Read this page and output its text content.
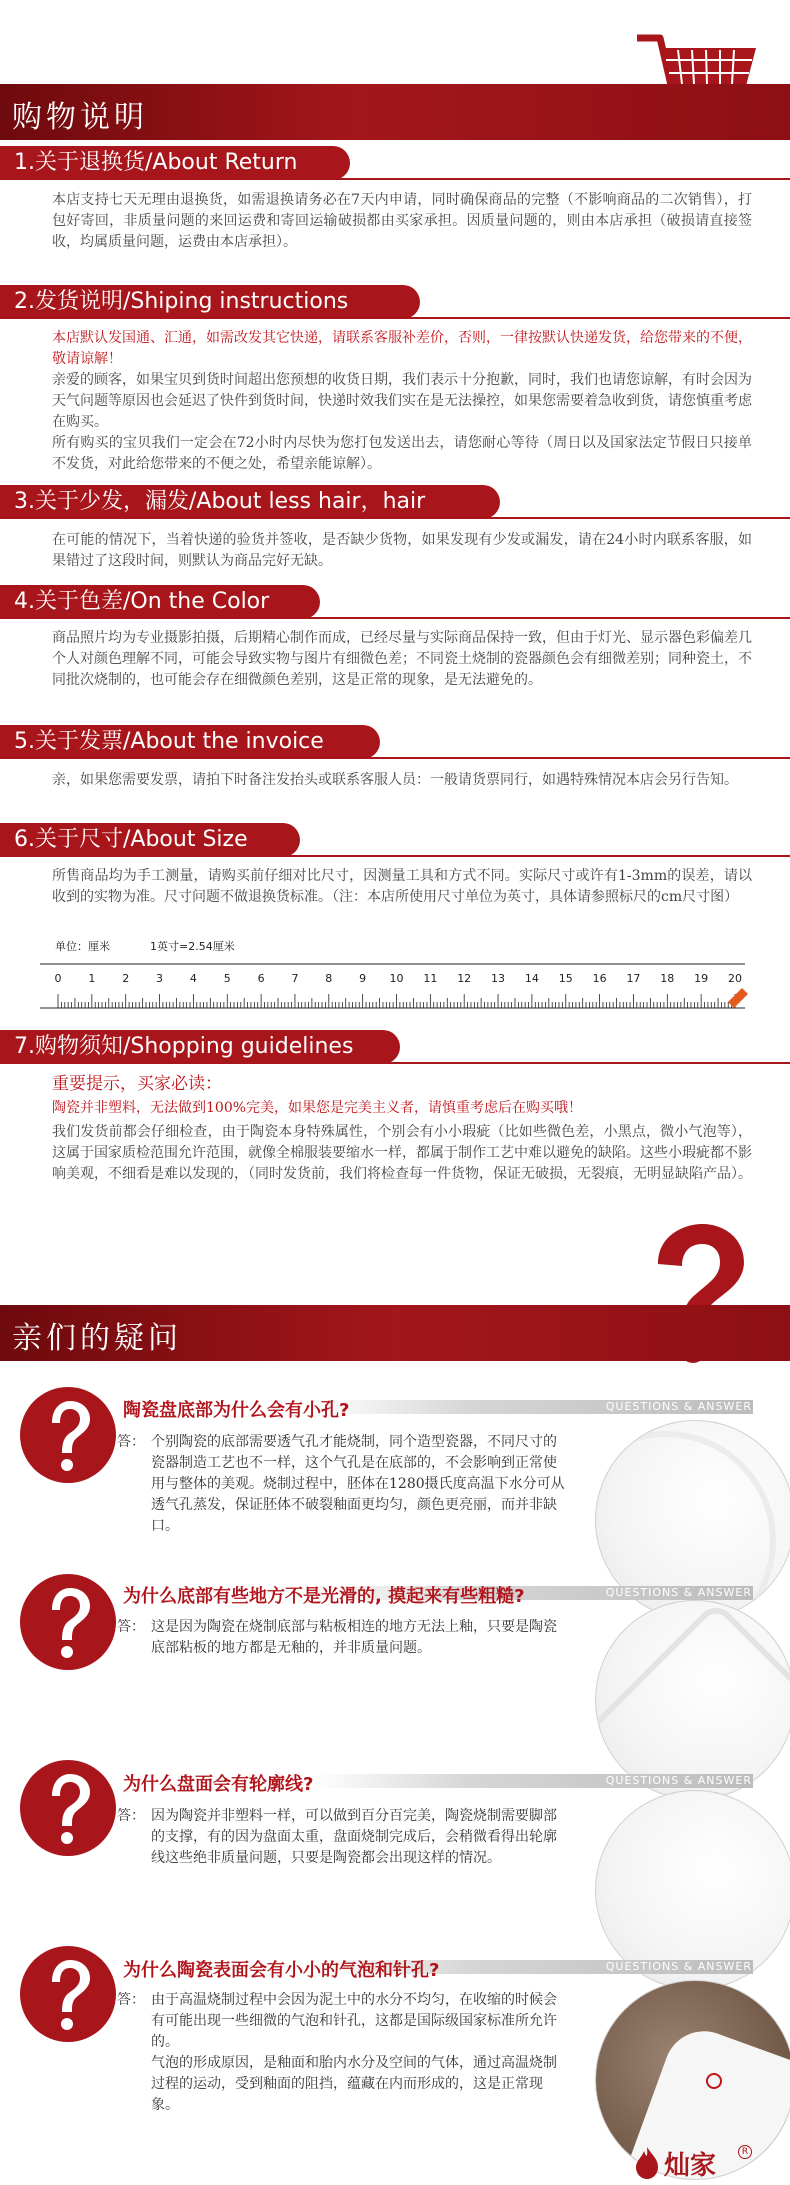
购物说明
1.关于退换货/About Return
本店支持七天无理由退换货，如需退换请务必在7天内申请，同时确保商品的完整（不影响商品的二次销售），打包好寄回，非质量问题的来回运费和寄回运输破损都由买家承担。因质量问题的，则由本店承担（破损请直接签收，均属质量问题，运费由本店承担）。
2.发货说明/Shiping instructions
本店默认发国通、汇通，如需改发其它快递，请联系客服补差价，否则，一律按默认快递发货，给您带来的不便，敬请谅解！
亲爱的顾客，如果宝贝到货时间超出您预想的收货日期，我们表示十分抱歉，同时，我们也请您谅解，有时会因为天气问题等原因也会延迟了快件到货时间，快递时效我们实在是无法操控，如果您需要着急收到货，请您慎重考虑在购买。
所有购买的宝贝我们一定会在72小时内尽快为您打包发送出去，请您耐心等待（周日以及国家法定节假日只接单不发货，对此给您带来的不便之处，希望亲能谅解）。
3.关于少发，漏发/About less hair，hair
在可能的情况下，当着快递的验货并签收，是否缺少货物，如果发现有少发或漏发，请在24小时内联系客服，如果错过了这段时间，则默认为商品完好无缺。
4.关于色差/On the Color
商品照片均为专业摄影拍摄，后期精心制作而成，已经尽量与实际商品保持一致，但由于灯光、显示器色彩偏差几个人对颜色理解不同，可能会导致实物与图片有细微色差；不同瓷土烧制的瓷器颜色会有细微差别；同种瓷土，不同批次烧制的，也可能会存在细微颜色差别，这是正常的现象，是无法避免的。
5.关于发票/About the invoice
亲，如果您需要发票，请拍下时备注发抬头或联系客服人员：一般请货票同行，如遇特殊情况本店会另行告知。
6.关于尺寸/About Size
所售商品均为手工测量，请购买前仔细对比尺寸，因测量工具和方式不同。实际尺寸或许有1-3mm的误差，请以收到的实物为准。尺寸问题不做退换货标准。（注：本店所使用尺寸单位为英寸，具体请参照标尺的cm尺寸图）
单位：厘米	1英寸=2.54厘米
0 1 2 3 4 5 6 7 8 9 10 11 12 13 14 15 16 17 18 19 20
7.购物须知/Shopping guidelines
重要提示，买家必读：
陶瓷并非塑料，无法做到100%完美，如果您是完美主义者，请慎重考虑后在购买哦！
我们发货前都会仔细检查，由于陶瓷本身特殊属性，个别会有小小瑕疵（比如些微色差，小黑点，微小气泡等），这属于国家质检范围允许范围，就像全棉服装要缩水一样，都属于制作工艺中难以避免的缺陷。这些小瑕疵都不影响美观，不细看是难以发现的，（同时发货前，我们将检查每一件货物，保证无破损，无裂痕，无明显缺陷产品）。
亲们的疑问
QUESTIONS & ANSWER
陶瓷盘底部为什么会有小孔?
答： 个别陶瓷的底部需要透气孔才能烧制，同个造型瓷器，不同尺寸的瓷器制造工艺也不一样，这个气孔是在底部的，不会影响到正常使用与整体的美观。烧制过程中，胚体在1280摄氏度高温下水分可从透气孔蒸发，保证胚体不破裂釉面更均匀，颜色更亮丽，而并非缺口。
QUESTIONS & ANSWER
为什么底部有些地方不是光滑的, 摸起来有些粗糙?
答： 这是因为陶瓷在烧制底部与粘板相连的地方无法上釉，只要是陶瓷底部粘板的地方都是无釉的，并非质量问题。
QUESTIONS & ANSWER
为什么盘面会有轮廓线?
答： 因为陶瓷并非塑料一样，可以做到百分百完美，陶瓷烧制需要脚部的支撑，有的因为盘面太重，盘面烧制完成后，会稍微看得出轮廓线这些绝非质量问题，只要是陶瓷都会出现这样的情况。
QUESTIONS & ANSWER
为什么陶瓷表面会有小小的气泡和针孔?
答： 由于高温烧制过程中会因为泥土中的水分不均匀，在收缩的时候会有可能出现一些细微的气泡和针孔，这都是国际级国家标准所允许的。
气泡的形成原因，是釉面和胎内水分及空间的气体，通过高温烧制过程的运动，受到釉面的阻挡，蕴藏在内而形成的，这是正常现象。
灿家	R
